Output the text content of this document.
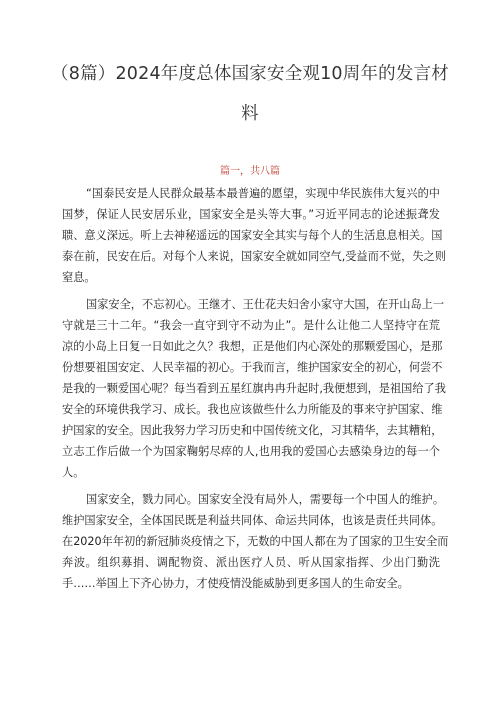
（8篇）2024年度总体国家安全观10周年的发言材
料
篇一，共八篇
“国泰民安是人民群众最基本最普遍的愿望，实现中华民族伟大复兴的中
国梦，保证人民安居乐业，国家安全是头等大事。”习近平同志的论述振聋发
聩、意义深远。听上去神秘遥远的国家安全其实与每个人的生活息息相关。国
泰在前，民安在后。对每个人来说，国家安全就如同空气,受益而不觉，失之则
窒息。
国家安全，不忘初心。王继才、王仕花夫妇舍小家守大国，在开山岛上一
守就是三十二年。“我会一直守到守不动为止”。是什么让他二人坚持守在荒
凉的小岛上日复一日如此之久？我想，正是他们内心深处的那颗爱国心，是那
份想要祖国安定、人民幸福的初心。于我而言，维护国家安全的初心，何尝不
是我的一颗爱国心呢？每当看到五星红旗冉冉升起时,我便想到，是祖国给了我
安全的环境供我学习、成长。我也应该做些什么力所能及的事来守护国家、维
护国家的安全。因此我努力学习历史和中国传统文化，习其精华，去其糟粕，
立志工作后做一个为国家鞠躬尽瘁的人,也用我的爱国心去感染身边的每一个
人。
国家安全，戮力同心。国家安全没有局外人，需要每一个中国人的维护。
维护国家安全，全体国民既是利益共同体、命运共同体，也该是责任共同体。
在2020年年初的新冠肺炎疫情之下，无数的中国人都在为了国家的卫生安全而
奔波。组织募捐、调配物资、派出医疗人员、听从国家指挥、少出门勤洗
手……举国上下齐心协力，才使疫情没能威胁到更多国人的生命安全。
